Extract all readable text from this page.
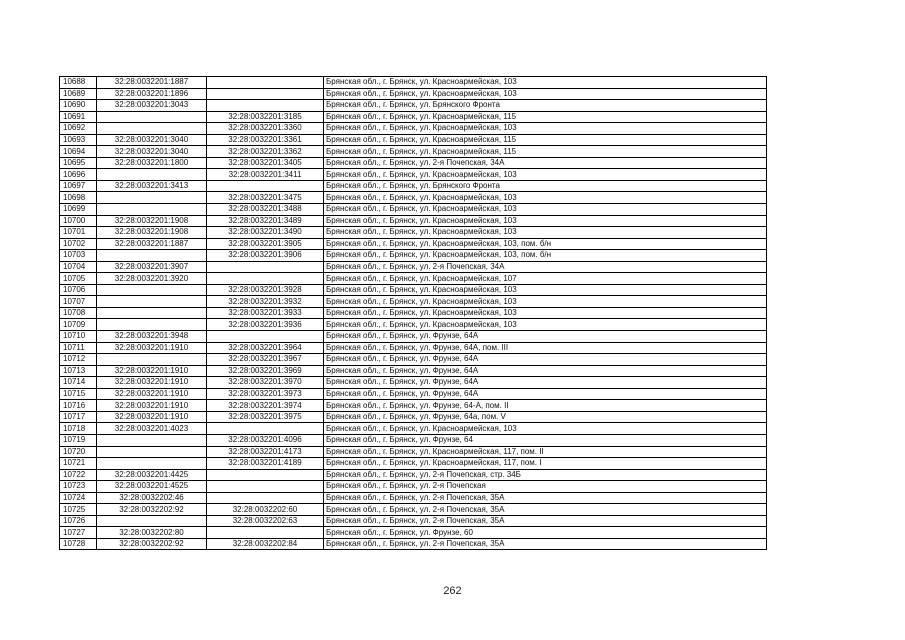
10688	32:28:0032201:1887		Брянская обл., г. Брянск, ул. Красноармейская, 103
10689	32:28:0032201:1896		Брянская обл., г. Брянск, ул. Красноармейская, 103
10690	32:28:0032201:3043		Брянская обл., г. Брянск, ул. Брянского Фронта
10691		32:28:0032201:3185	Брянская обл., г. Брянск, ул. Красноармейская, 115
10692		32:28:0032201:3360	Брянская обл., г. Брянск, ул. Красноармейская, 103
10693	32:28:0032201:3040	32:28:0032201:3361	Брянская обл., г. Брянск, ул. Красноармейская, 115
10694	32:28:0032201:3040	32:28:0032201:3362	Брянская обл., г. Брянск, ул. Красноармейская, 115
10695	32:28:0032201:1800	32:28:0032201:3405	Брянская обл., г. Брянск, ул. 2-я Почепская, 34А
10696		32:28:0032201:3411	Брянская обл., г. Брянск, ул. Красноармейская, 103
10697	32:28:0032201:3413		Брянская обл., г. Брянск, ул. Брянского Фронта
10698		32:28:0032201:3475	Брянская обл., г. Брянск, ул. Красноармейская, 103
10699		32:28:0032201:3488	Брянская обл., г. Брянск, ул. Красноармейская, 103
10700	32:28:0032201:1908	32:28:0032201:3489	Брянская обл., г. Брянск, ул. Красноармейская, 103
10701	32:28:0032201:1908	32:28:0032201:3490	Брянская обл., г. Брянск, ул. Красноармейская, 103
10702	32:28:0032201:1887	32:28:0032201:3905	Брянская обл., г. Брянск, ул. Красноармейская, 103, пом. б/н
10703		32:28:0032201:3906	Брянская обл., г. Брянск, ул. Красноармейская, 103, пом. б/н
10704	32:28:0032201:3907		Брянская обл., г. Брянск, ул. 2-я Почепская, 34А
10705	32:28:0032201:3920		Брянская обл., г. Брянск, ул. Красноармейская, 107
10706		32:28:0032201:3928	Брянская обл., г. Брянск, ул. Красноармейская, 103
10707		32:28:0032201:3932	Брянская обл., г. Брянск, ул. Красноармейская, 103
10708		32:28:0032201:3933	Брянская обл., г. Брянск, ул. Красноармейская, 103
10709		32:28:0032201:3936	Брянская обл., г. Брянск, ул. Красноармейская, 103
10710	32:28:0032201:3948		Брянская обл., г. Брянск, ул. Фрунзе, 64А
10711	32:28:0032201:1910	32:28:0032201:3964	Брянская обл., г. Брянск, ул. Фрунзе, 64А, пом. III
10712		32:28:0032201:3967	Брянская обл., г. Брянск, ул. Фрунзе, 64А
10713	32:28:0032201:1910	32:28:0032201:3969	Брянская обл., г. Брянск, ул. Фрунзе, 64А
10714	32:28:0032201:1910	32:28:0032201:3970	Брянская обл., г. Брянск, ул. Фрунзе, 64А
10715	32:28:0032201:1910	32:28:0032201:3973	Брянская обл., г. Брянск, ул. Фрунзе, 64А
10716	32:28:0032201:1910	32:28:0032201:3974	Брянская обл., г. Брянск, ул. Фрунзе, 64-А, пом. II
10717	32:28:0032201:1910	32:28:0032201:3975	Брянская обл., г. Брянск, ул. Фрунзе, 64а, пом. V
10718	32:28:0032201:4023		Брянская обл., г. Брянск, ул. Красноармейская, 103
10719		32:28:0032201:4096	Брянская обл., г. Брянск, ул. Фрунзе, 64
10720		32:28:0032201:4173	Брянская обл., г. Брянск, ул. Красноармейская, 117, пом. II
10721		32:28:0032201:4189	Брянская обл., г. Брянск, ул. Красноармейская, 117, пом. I
10722	32:28:0032201:4425		Брянская обл., г. Брянск, ул. 2-я Почепская, стр. 34Б
10723	32:28:0032201:4525		Брянская обл., г. Брянск, ул. 2-я Почепская
10724	32:28:0032202:46		Брянская обл., г. Брянск, ул. 2-я Почепская, 35А
10725	32:28:0032202:92	32:28:0032202:60	Брянская обл., г. Брянск, ул. 2-я Почепская, 35А
10726		32:28:0032202:63	Брянская обл., г. Брянск, ул. 2-я Почепская, 35А
10727	32:28:0032202:80		Брянская обл., г. Брянск, ул. Фрунзе, 60
10728	32:28:0032202:92	32:28:0032202:84	Брянская обл., г. Брянск, ул. 2-я Почепская, 35А
262
